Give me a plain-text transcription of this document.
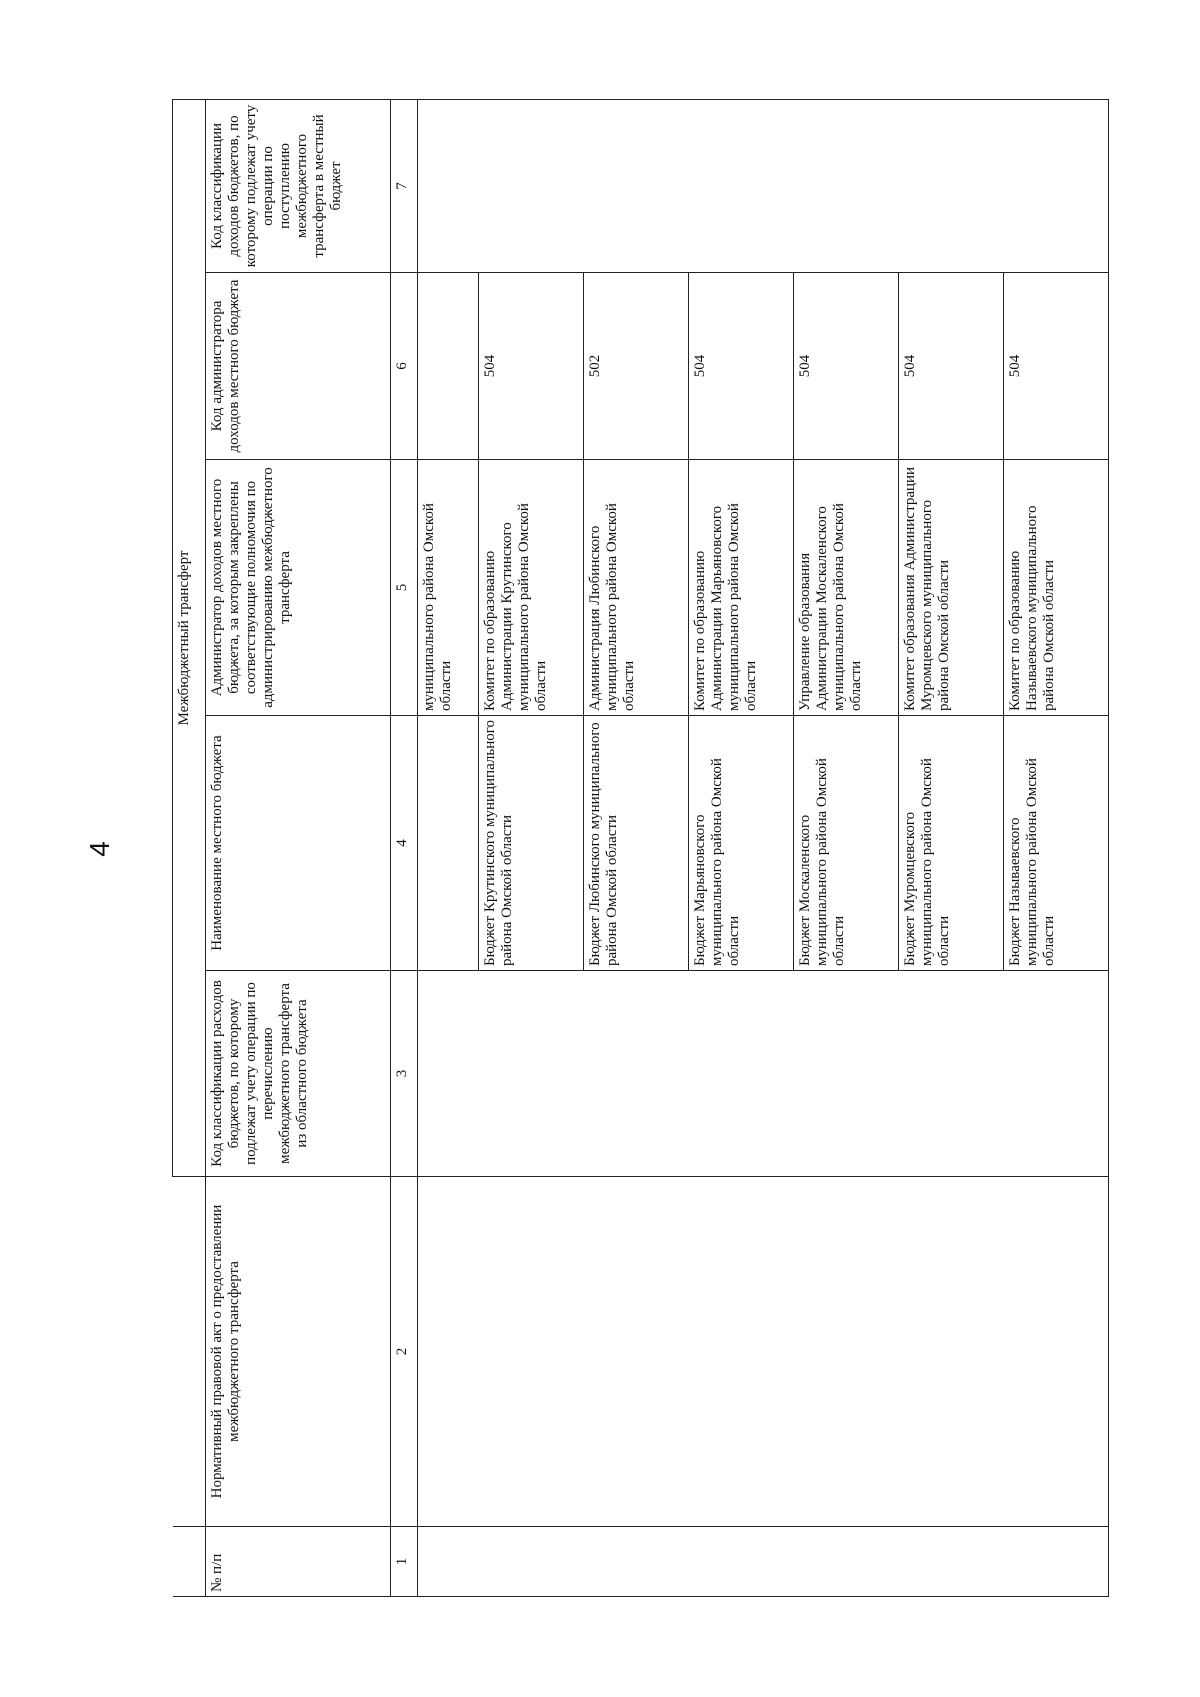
4
		Межбюджетный трансферт				
№ п/п	Нормативный правовой акт о предоставлении межбюджетного трансферта	Код классификации расходов бюджетов, по которому подлежат учету операции по перечислению межбюджетного трансферта из областного бюджета	Наименование местного бюджета	Администратор доходов местного бюджета, за которым закреплены соответствующие полномочия по администрированию межбюджетного трансферта	Код администратора доходов местного бюджета	Код классификации доходов бюджетов, по которому подлежат учету операции по поступлению межбюджетного трансферта в местный бюджет
1	2	3	4	5	6	7
				муниципального района Омской области		
			Бюджет Крутинского муниципального района Омской области	Комитет по образованию Администрации Крутинского муниципального района Омской области	504	
			Бюджет Любинского муниципального района Омской области	Администрация Любинского муниципального района Омской области	502	
			Бюджет Марьяновского муниципального района Омской области	Комитет по образованию Администрации Марьяновского муниципального района Омской области	504	
			Бюджет Москаленского муниципального района Омской области	Управление образования Администрации Москаленского муниципального района Омской области	504	
			Бюджет Муромцевского муниципального района Омской области	Комитет образования Администрации Муромцевского муниципального района Омской области	504	
			Бюджет Называевского муниципального района Омской области	Комитет по образованию Называевского муниципального района Омской области	504	
